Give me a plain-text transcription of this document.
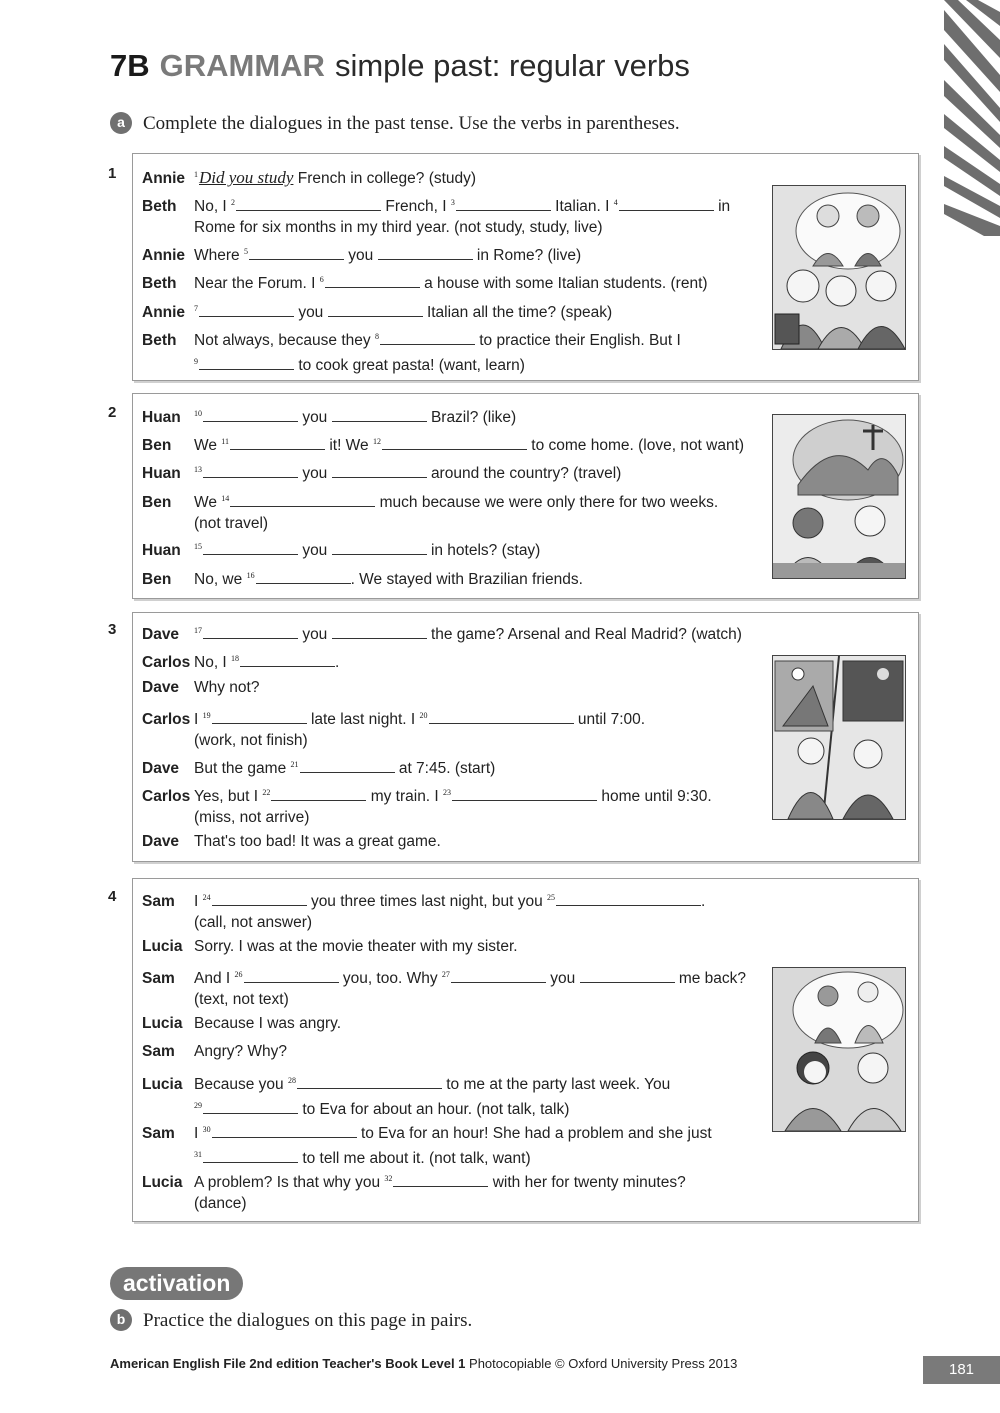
7B GRAMMAR simple past: regular verbs
a Complete the dialogues in the past tense. Use the verbs in parentheses.
1 Annie $^1$Did you study French in college? (study)
Beth No, I $^2$	French, I $^3$	Italian. I $^4$	in
Rome for six months in my third year. (not study, study, live)
Annie Where $^5$	you	in Rome? (live)
Beth Near the Forum. I $^6$	a house with some Italian students. (rent)
Annie $^7$	you	Italian all the time? (speak)
Beth Not always, because they $^8$	to practice their English. But I
$^9$	to cook great pasta! (want, learn)
2 Huan $^{10}$	you	Brazil? (like)
Ben We $^{11}$	it! We $^{12}$	to come home. (love, not want)
Huan $^{13}$	you	around the country? (travel)
Ben We $^{14}$	much because we were only there for two weeks.
(not travel)
Huan $^{15}$	you	in hotels? (stay)
Ben No, we $^{16}$	. We stayed with Brazilian friends.
3 Dave $^{17}$	you	the game? Arsenal and Real Madrid? (watch)
Carlos No, I $^{18}$	.
Dave Why not?
Carlos I $^{19}$	late last night. I $^{20}$	until 7:00.
(work, not finish)
Dave But the game $^{21}$	at 7:45. (start)
Carlos Yes, but I $^{22}$	my train. I $^{23}$	home until 9:30.
(miss, not arrive)
Dave That's too bad! It was a great game.
4 Sam I $^{24}$	you three times last night, but you $^{25}$	.
(call, not answer)
Lucia Sorry. I was at the movie theater with my sister.
Sam And I $^{26}$	you, too. Why $^{27}$	you	me back?
(text, not text)
Lucia Because I was angry.
Sam Angry? Why?
Lucia Because you $^{28}$	to me at the party last week. You
$^{29}$	to Eva for about an hour. (not talk, talk)
Sam I $^{30}$	to Eva for an hour! She had a problem and she just
$^{31}$	to tell me about it. (not talk, want)
Lucia A problem? Is that why you $^{32}$	with her for twenty minutes?
(dance)
activation
b Practice the dialogues on this page in pairs.
American English File 2nd edition Teacher's Book Level 1 Photocopiable © Oxford University Press 2013	181
